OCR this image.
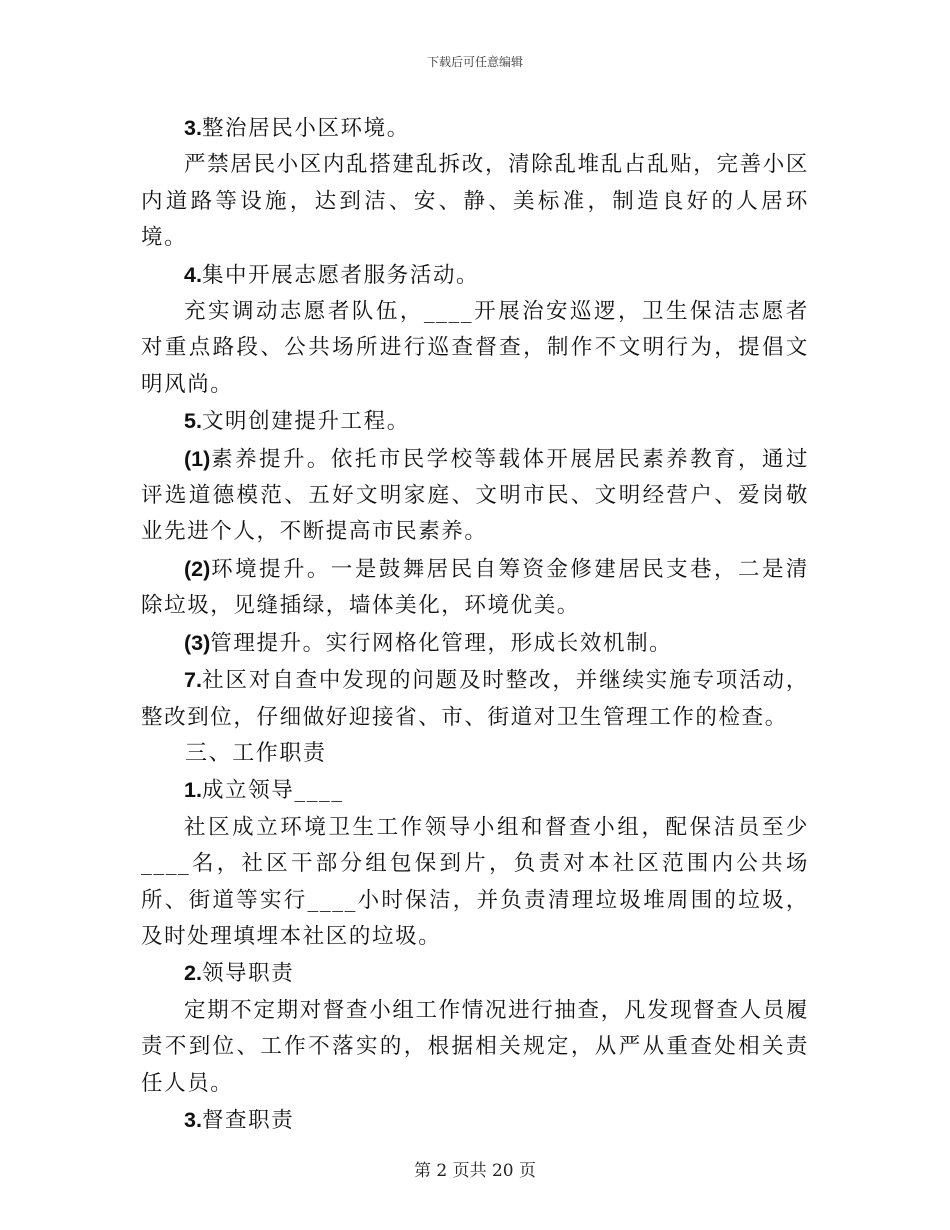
下载后可任意编辑

3.整治居民小区环境。

严禁居民小区内乱搭建乱拆改，清除乱堆乱占乱贴，完善小区内道路等设施，达到洁、安、静、美标准，制造良好的人居环境。

4.集中开展志愿者服务活动。

充实调动志愿者队伍，____开展治安巡逻，卫生保洁志愿者对重点路段、公共场所进行巡查督查，制作不文明行为，提倡文明风尚。

5.文明创建提升工程。

(1)素养提升。依托市民学校等载体开展居民素养教育，通过评选道德模范、五好文明家庭、文明市民、文明经营户、爱岗敬业先进个人，不断提高市民素养。

(2)环境提升。一是鼓舞居民自筹资金修建居民支巷，二是清除垃圾，见缝插绿，墙体美化，环境优美。

(3)管理提升。实行网格化管理，形成长效机制。

7.社区对自查中发现的问题及时整改，并继续实施专项活动，整改到位，仔细做好迎接省、市、街道对卫生管理工作的检查。

三、工作职责

1.成立领导____

社区成立环境卫生工作领导小组和督查小组，配保洁员至少____名，社区干部分组包保到片，负责对本社区范围内公共场所、街道等实行____小时保洁，并负责清理垃圾堆周围的垃圾，及时处理填埋本社区的垃圾。

2.领导职责

定期不定期对督查小组工作情况进行抽查，凡发现督查人员履责不到位、工作不落实的，根据相关规定，从严从重查处相关责任人员。

3.督查职责

第 2 页共 20 页
